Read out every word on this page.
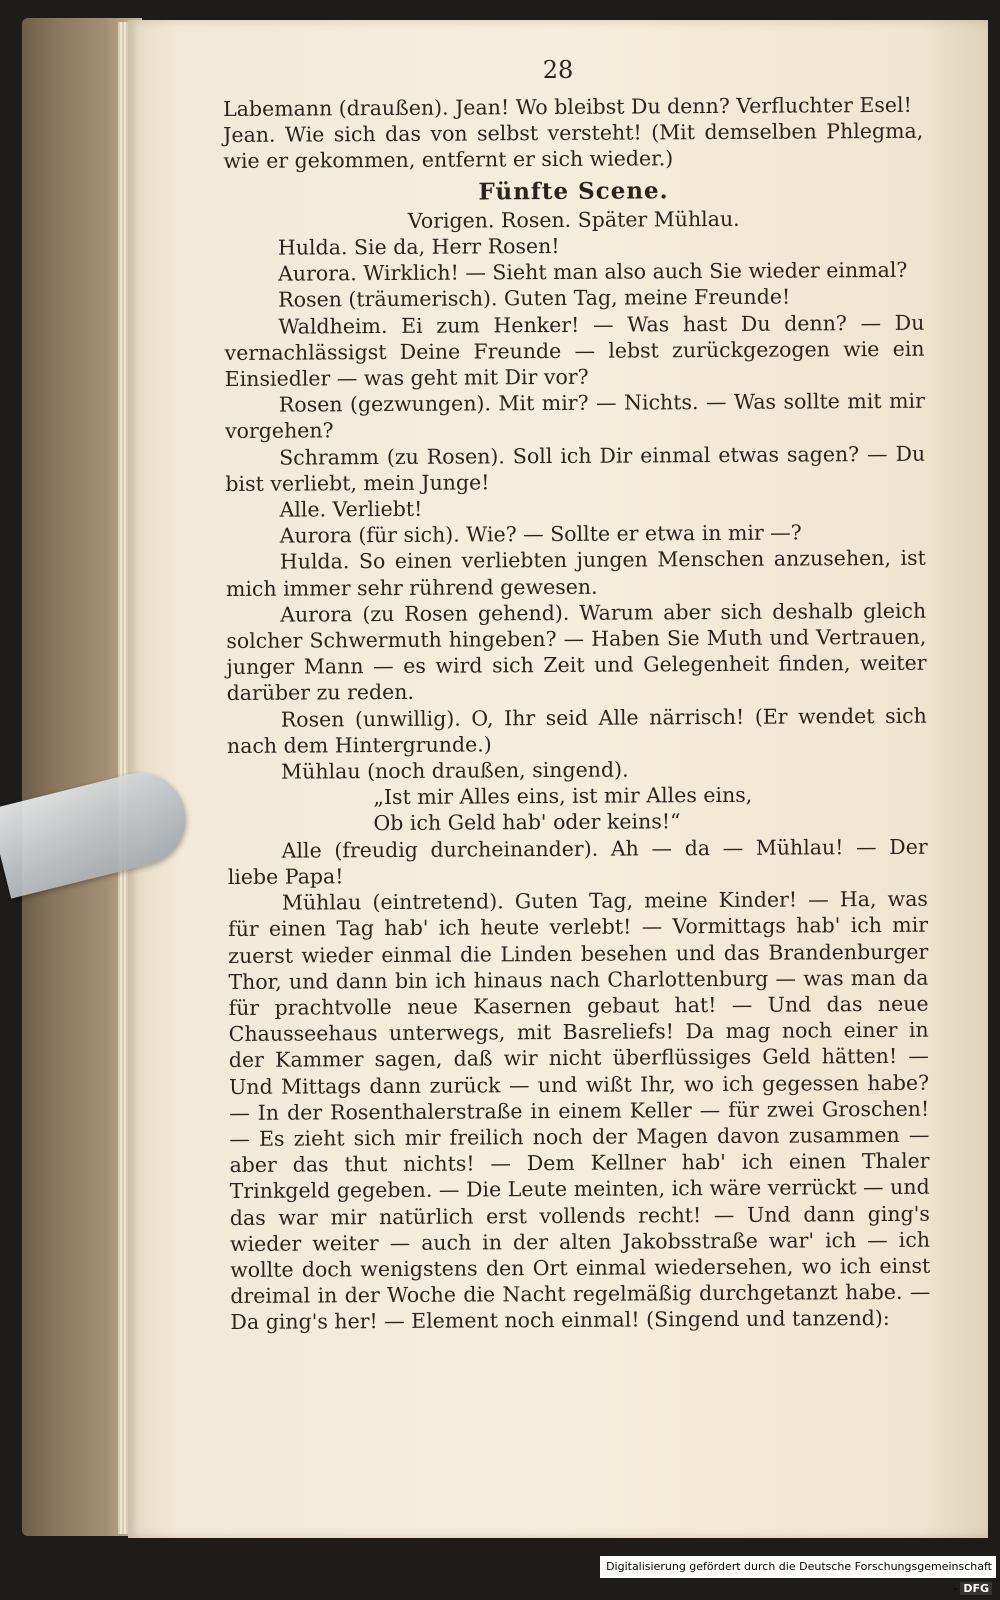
28

Labemann (draußen). Jean! Wo bleibst Du denn? Verfluchter Esel!

Jean. Wie sich das von selbst versteht! (Mit demselben Phlegma, wie er gekommen, entfernt er sich wieder.)

Fünfte Scene.

Vorigen. Rosen. Später Mühlau.

Hulda. Sie da, Herr Rosen!

Aurora. Wirklich! — Sieht man also auch Sie wieder einmal?

Rosen (träumerisch). Guten Tag, meine Freunde!

Waldheim. Ei zum Henker! — Was hast Du denn? — Du vernachlässigst Deine Freunde — lebst zurückgezogen wie ein Einsiedler — was geht mit Dir vor?

Rosen (gezwungen). Mit mir? — Nichts. — Was sollte mit mir vorgehen?

Schramm (zu Rosen). Soll ich Dir einmal etwas sagen? — Du bist verliebt, mein Junge!

Alle. Verliebt!

Aurora (für sich). Wie? — Sollte er etwa in mir —?

Hulda. So einen verliebten jungen Menschen anzusehen, ist mich immer sehr rührend gewesen.

Aurora (zu Rosen gehend). Warum aber sich deshalb gleich solcher Schwermuth hingeben? — Haben Sie Muth und Vertrauen, junger Mann — es wird sich Zeit und Gelegenheit finden, weiter darüber zu reden.

Rosen (unwillig). O, Ihr seid Alle närrisch! (Er wendet sich nach dem Hintergrunde.)

Mühlau (noch draußen, singend).

„Ist mir Alles eins, ist mir Alles eins,

Ob ich Geld hab' oder keins!“

Alle (freudig durcheinander). Ah — da — Mühlau! — Der liebe Papa!

Mühlau (eintretend). Guten Tag, meine Kinder! — Ha, was für einen Tag hab' ich heute verlebt! — Vormittags hab' ich mir zuerst wieder einmal die Linden besehen und das Brandenburger Thor, und dann bin ich hinaus nach Charlottenburg — was man da für prachtvolle neue Kasernen gebaut hat! — Und das neue Chausseehaus unterwegs, mit Basreliefs! Da mag noch einer in der Kammer sagen, daß wir nicht überflüssiges Geld hätten! — Und Mittags dann zurück — und wißt Ihr, wo ich gegessen habe? — In der Rosenthalerstraße in einem Keller — für zwei Groschen! — Es zieht sich mir freilich noch der Magen davon zusammen — aber das thut nichts! — Dem Kellner hab' ich einen Thaler Trinkgeld gegeben. — Die Leute meinten, ich wäre verrückt — und das war mir natürlich erst vollends recht! — Und dann ging's wieder weiter — auch in der alten Jakobsstraße war' ich — ich wollte doch wenigstens den Ort einmal wiedersehen, wo ich einst dreimal in der Woche die Nacht regelmäßig durchgetanzt habe. — Da ging's her! — Element noch einmal! (Singend und tanzend):

Digitalisierung gefördert durch die Deutsche Forschungsgemeinschaft - DFG
